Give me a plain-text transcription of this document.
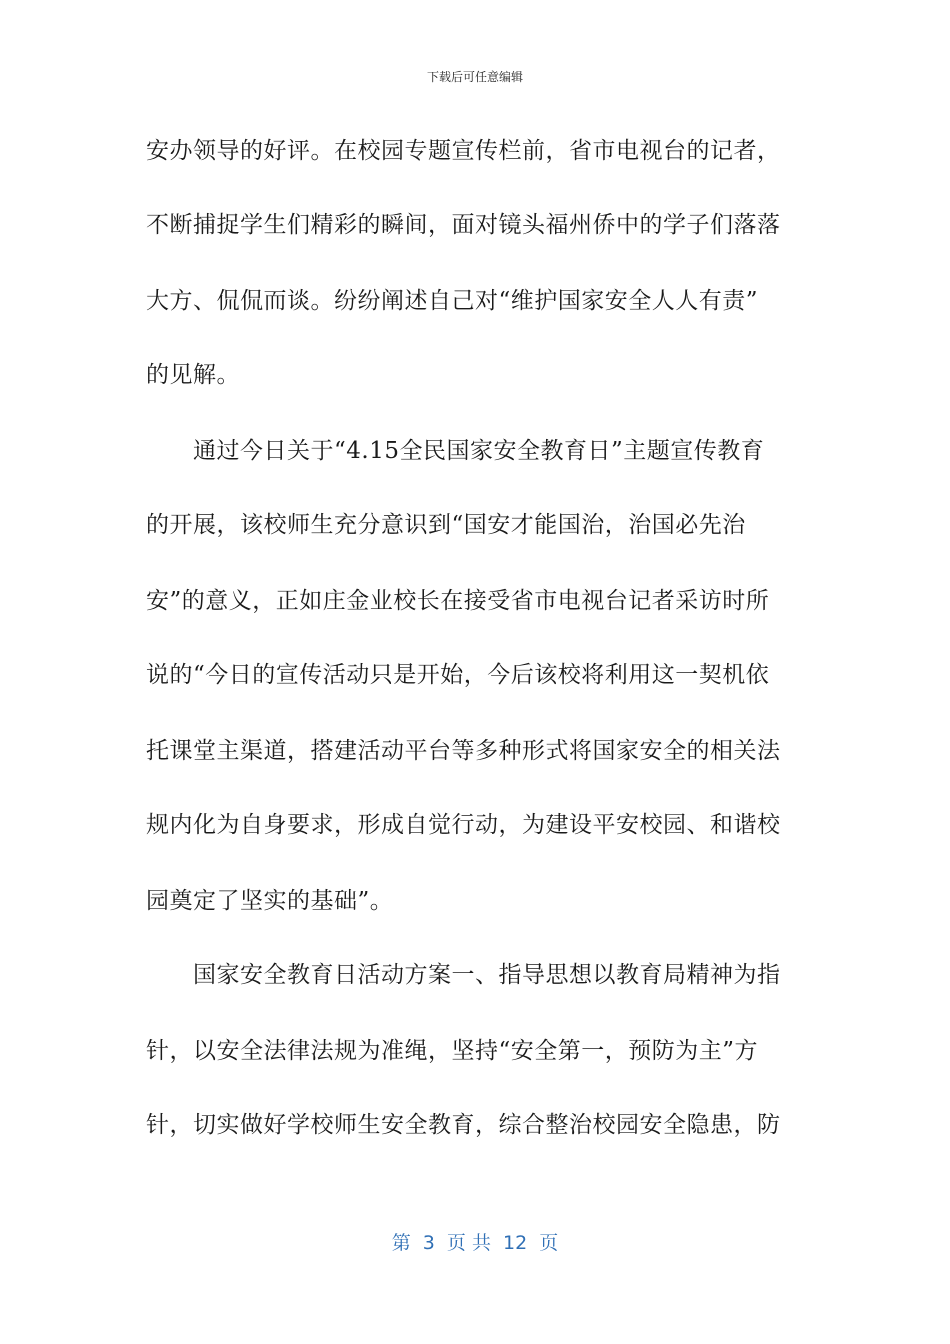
下载后可任意编辑
安办领导的好评。在校园专题宣传栏前，省市电视台的记者，
不断捕捉学生们精彩的瞬间，面对镜头福州侨中的学子们落落
大方、侃侃而谈。纷纷阐述自己对“维护国家安全人人有责”
的见解。
　　通过今日关于“4.15全民国家安全教育日”主题宣传教育
的开展，该校师生充分意识到“国安才能国治，治国必先治
安”的意义，正如庄金业校长在接受省市电视台记者采访时所
说的“今日的宣传活动只是开始，今后该校将利用这一契机依
托课堂主渠道，搭建活动平台等多种形式将国家安全的相关法
规内化为自身要求，形成自觉行动，为建设平安校园、和谐校
园奠定了坚实的基础”。
　　国家安全教育日活动方案一、指导思想以教育局精神为指
针，以安全法律法规为准绳，坚持“安全第一，预防为主”方
针，切实做好学校师生安全教育，综合整治校园安全隐患，防
第  3  页 共  12  页
